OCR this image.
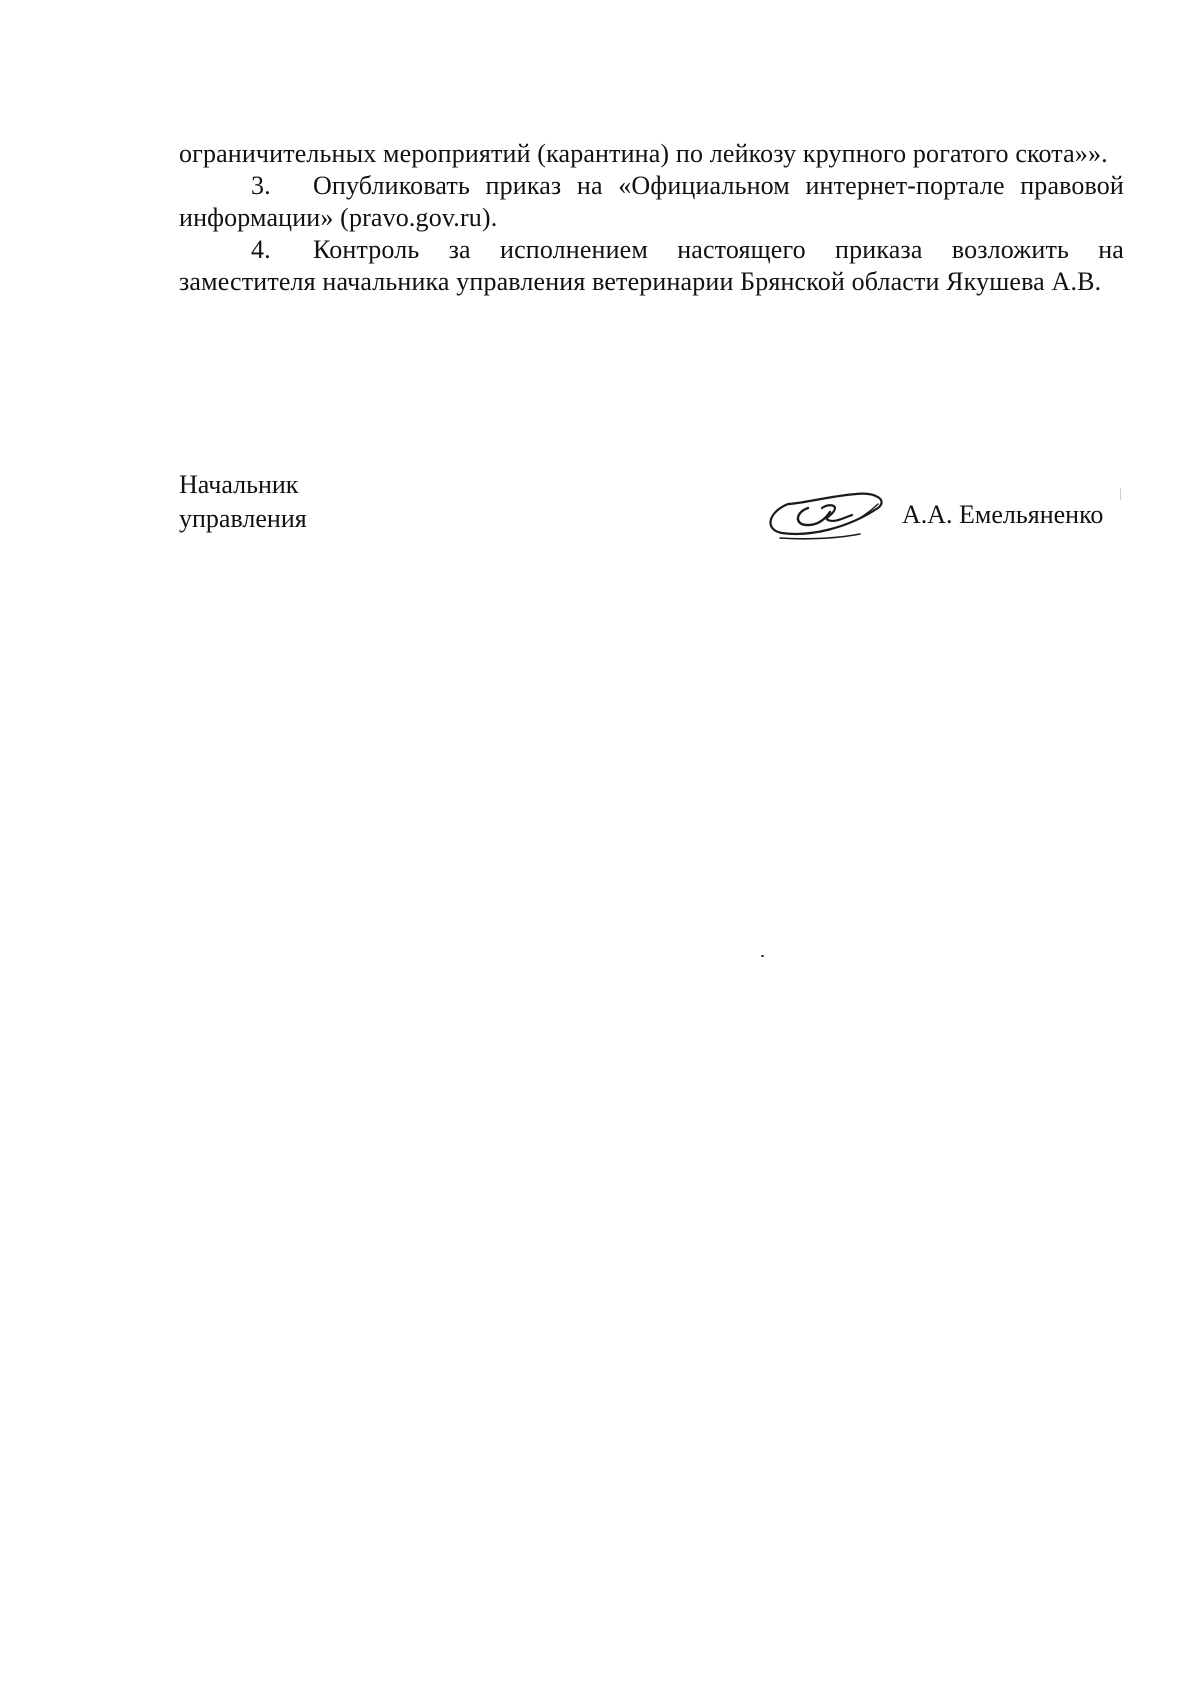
ограничительных мероприятий (карантина) по лейкозу крупного рогатого скота»».

3. Опубликовать приказ на «Официальном интернет-портале правовой информации» (pravo.gov.ru).

4. Контроль за исполнением настоящего приказа возложить на заместителя начальника управления ветеринарии Брянской области Якушева А.В.

Начальник
управления	А.А. Емельяненко
